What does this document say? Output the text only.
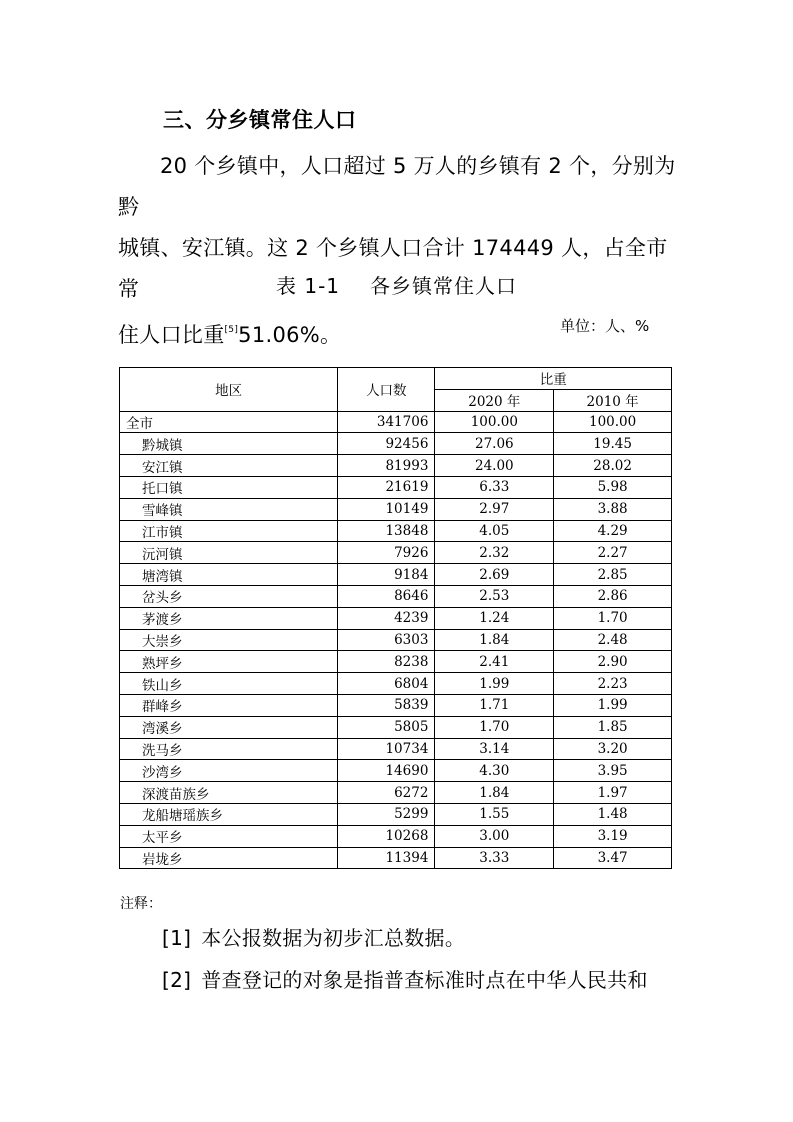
三、分乡镇常住人口
20 个乡镇中，人口超过 5 万人的乡镇有 2 个，分别为黔
城镇、安江镇。这 2 个乡镇人口合计 174449 人，占全市常
住人口比重[5]51.06%。
表 1-1 各乡镇常住人口
单位：人、%
地区	人口数	比重	
		2020 年	2010 年
全市	341706	100.00	100.00
黔城镇	92456	27.06	19.45
安江镇	81993	24.00	28.02
托口镇	21619	6.33	5.98
雪峰镇	10149	2.97	3.88
江市镇	13848	4.05	4.29
沅河镇	7926	2.32	2.27
塘湾镇	9184	2.69	2.85
岔头乡	8646	2.53	2.86
茅渡乡	4239	1.24	1.70
大崇乡	6303	1.84	2.48
熟坪乡	8238	2.41	2.90
铁山乡	6804	1.99	2.23
群峰乡	5839	1.71	1.99
湾溪乡	5805	1.70	1.85
洗马乡	10734	3.14	3.20
沙湾乡	14690	4.30	3.95
深渡苗族乡	6272	1.84	1.97
龙船塘瑶族乡	5299	1.55	1.48
太平乡	10268	3.00	3.19
岩垅乡	11394	3.33	3.47
注释：
[1] 本公报数据为初步汇总数据。
[2] 普查登记的对象是指普查标准时点在中华人民共和
